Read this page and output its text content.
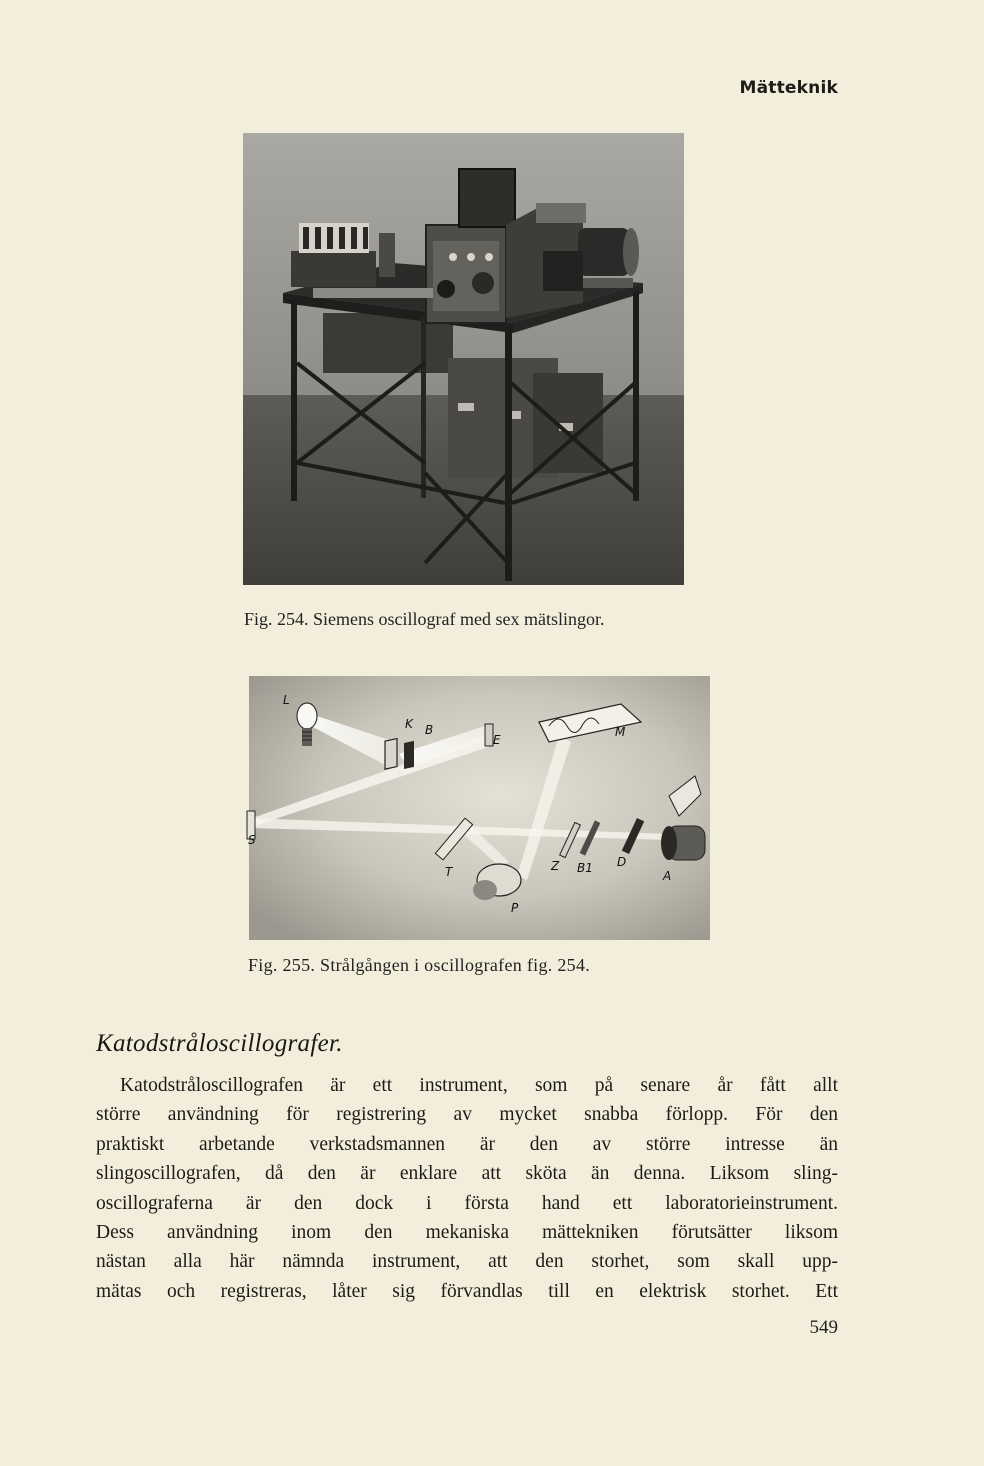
Mätteknik
Fig. 254. Siemens oscillograf med sex mätslingor.
L
K B
E
M
S
T	Z B1 D
A
P
Fig. 255. Strålgången i oscillografen fig. 254.
Katodstråloscillografer.
Katodstråloscillografen är ett instrument, som på senare år fått allt
större användning för registrering av mycket snabba förlopp. För den
praktiskt arbetande verkstadsmannen är den av större intresse än
slingoscillografen, då den är enklare att sköta än denna. Liksom sling-
oscillograferna är den dock i första hand ett laboratorieinstrument.
Dess användning inom den mekaniska mättekniken förutsätter liksom
nästan alla här nämnda instrument, att den storhet, som skall upp-
mätas och registreras, låter sig förvandlas till en elektrisk storhet. Ett
549
